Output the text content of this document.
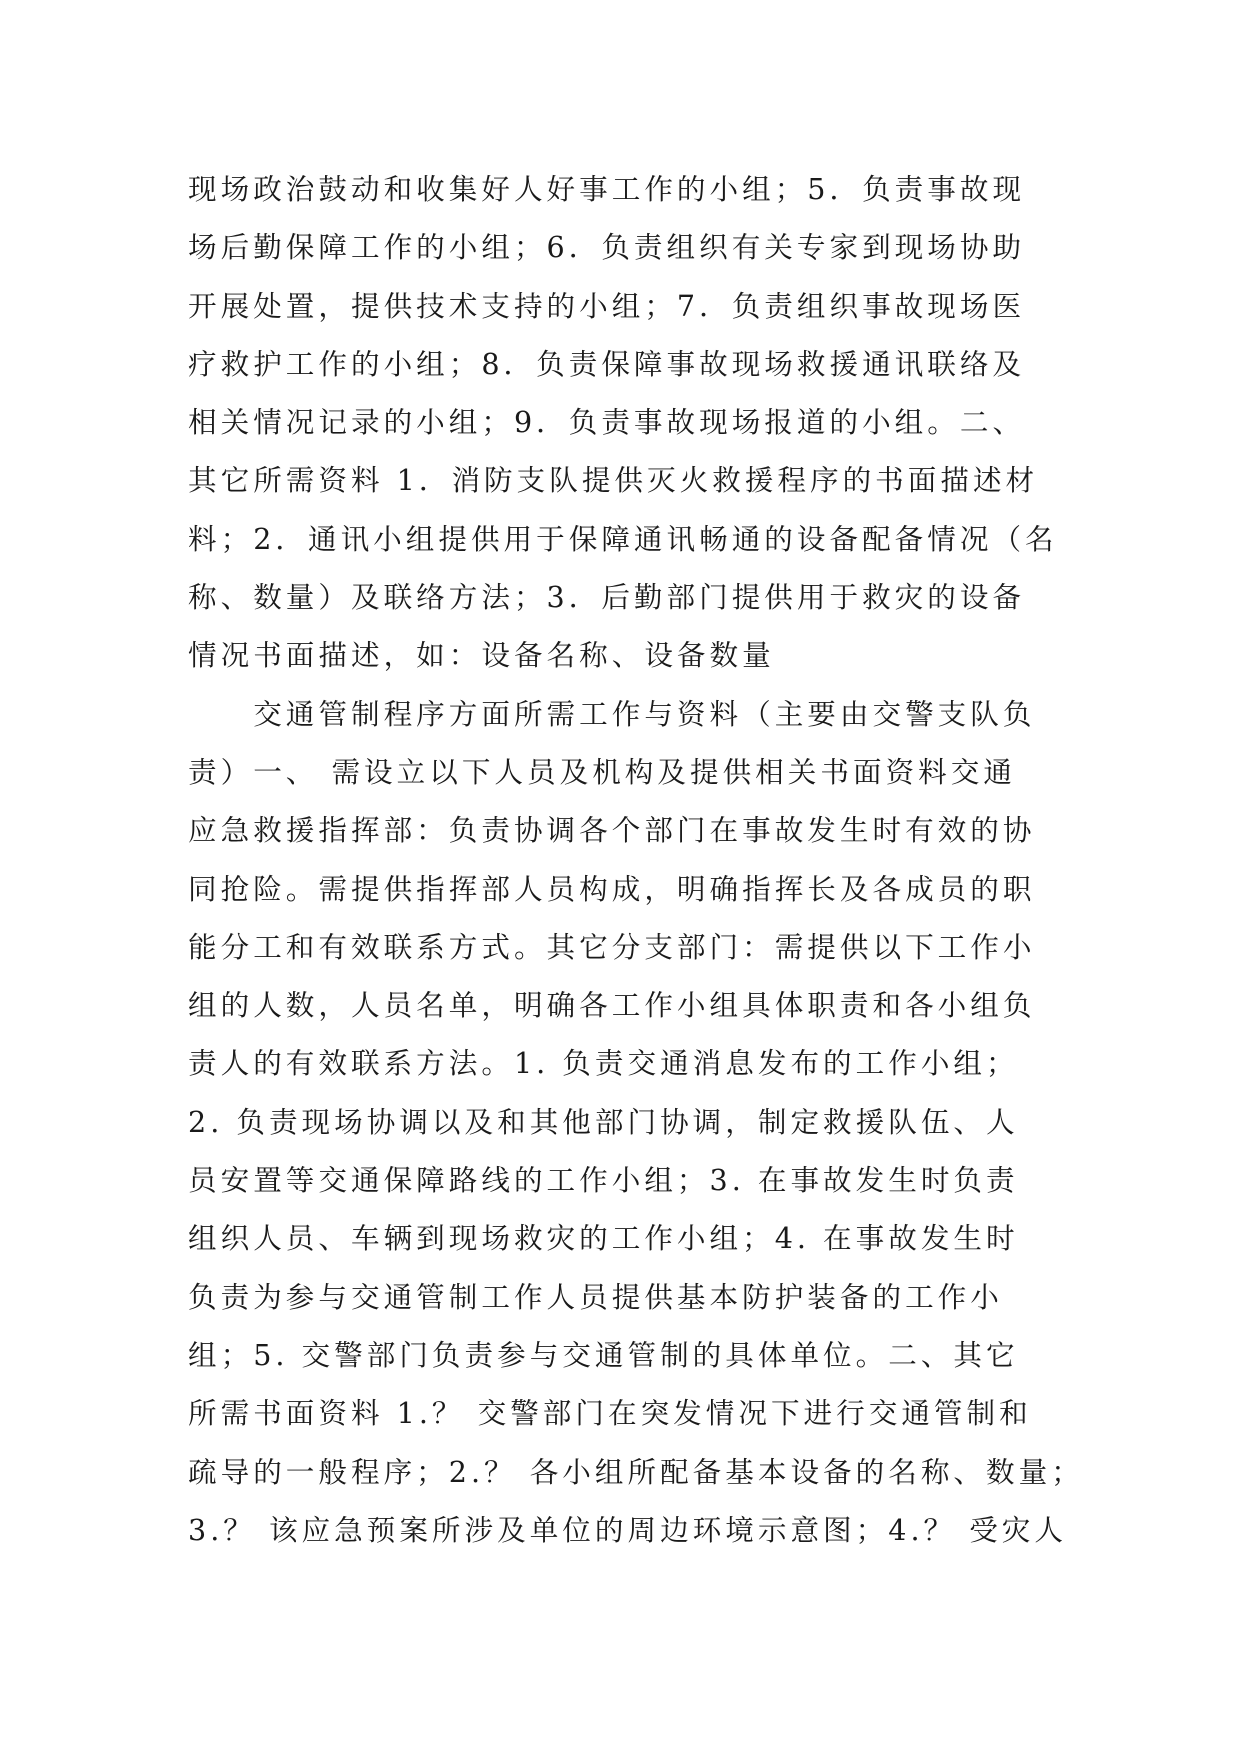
现场政治鼓动和收集好人好事工作的小组；5．负责事故现
场后勤保障工作的小组；6．负责组织有关专家到现场协助
开展处置，提供技术支持的小组；7．负责组织事故现场医
疗救护工作的小组；8．负责保障事故现场救援通讯联络及
相关情况记录的小组；9．负责事故现场报道的小组。二、
其它所需资料 1．消防支队提供灭火救援程序的书面描述材
料；2．通讯小组提供用于保障通讯畅通的设备配备情况（名
称、数量）及联络方法；3．后勤部门提供用于救灾的设备
情况书面描述，如：设备名称、设备数量
　　交通管制程序方面所需工作与资料（主要由交警支队负
责）一、 需设立以下人员及机构及提供相关书面资料交通
应急救援指挥部：负责协调各个部门在事故发生时有效的协
同抢险。需提供指挥部人员构成，明确指挥长及各成员的职
能分工和有效联系方式。其它分支部门：需提供以下工作小
组的人数，人员名单，明确各工作小组具体职责和各小组负
责人的有效联系方法。1. 负责交通消息发布的工作小组；
2. 负责现场协调以及和其他部门协调，制定救援队伍、人
员安置等交通保障路线的工作小组；3. 在事故发生时负责
组织人员、车辆到现场救灾的工作小组；4. 在事故发生时
负责为参与交通管制工作人员提供基本防护装备的工作小
组；5. 交警部门负责参与交通管制的具体单位。二、其它
所需书面资料 1.？ 交警部门在突发情况下进行交通管制和
疏导的一般程序；2.？ 各小组所配备基本设备的名称、数量；
3.？ 该应急预案所涉及单位的周边环境示意图；4.？ 受灾人
